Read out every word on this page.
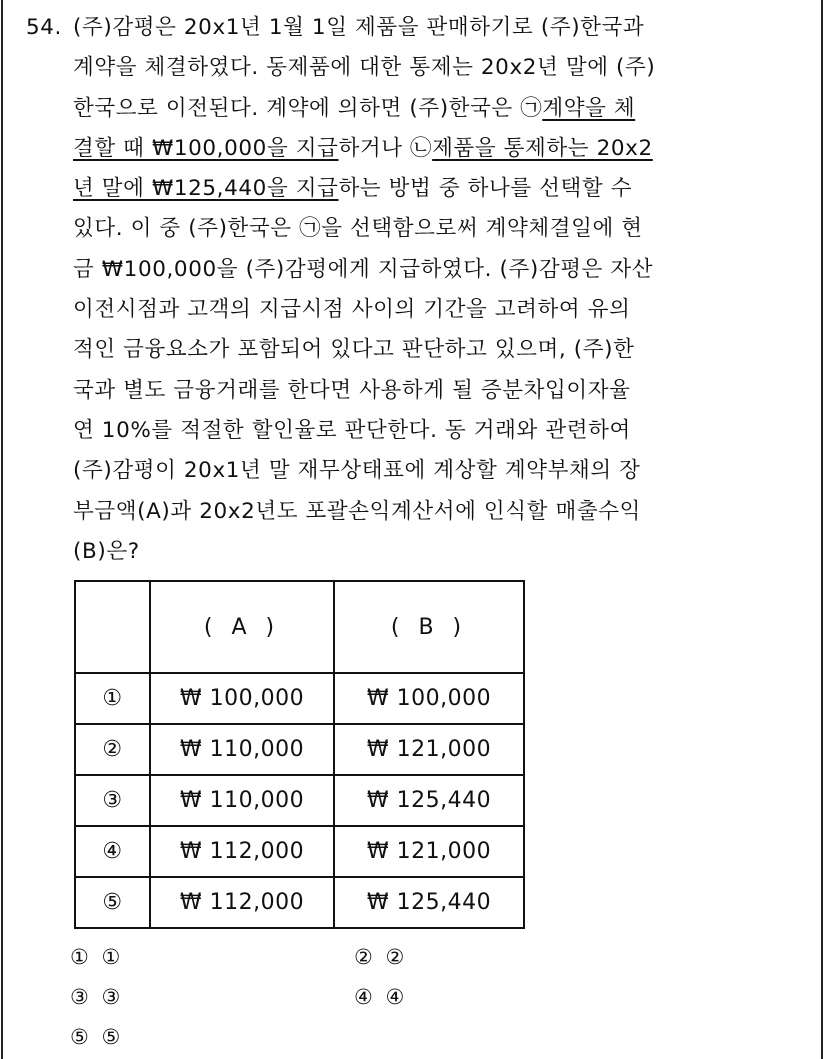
54. (주)감평은 20x1년 1월 1일 제품을 판매하기로 (주)한국과
계약을 체결하였다. 동제품에 대한 통제는 20x2년 말에 (주)
한국으로 이전된다. 계약에 의하면 (주)한국은 ㉠계약을 체
결할 때 ₩100,000을 지급하거나 ㉡제품을 통제하는 20x2
년 말에 ₩125,440을 지급하는 방법 중 하나를 선택할 수
있다. 이 중 (주)한국은 ㉠을 선택함으로써 계약체결일에 현
금 ₩100,000을 (주)감평에게 지급하였다. (주)감평은 자산
이전시점과 고객의 지급시점 사이의 기간을 고려하여 유의
적인 금융요소가 포함되어 있다고 판단하고 있으며, (주)한
국과 별도 금융거래를 한다면 사용하게 될 증분차입이자율
연 10%를 적절한 할인율로 판단한다. 동 거래와 관련하여
(주)감평이 20x1년 말 재무상태표에 계상할 계약부채의 장
부금액(A)과 20x2년도 포괄손익계산서에 인식할 매출수익
(B)은?
	( A )	( B )
①	₩ 100,000	₩ 100,000
②	₩ 110,000	₩ 121,000
③	₩ 110,000	₩ 125,440
④	₩ 112,000	₩ 121,000
⑤	₩ 112,000	₩ 125,440
① ①	② ②
③ ③	④ ④
⑤ ⑤
